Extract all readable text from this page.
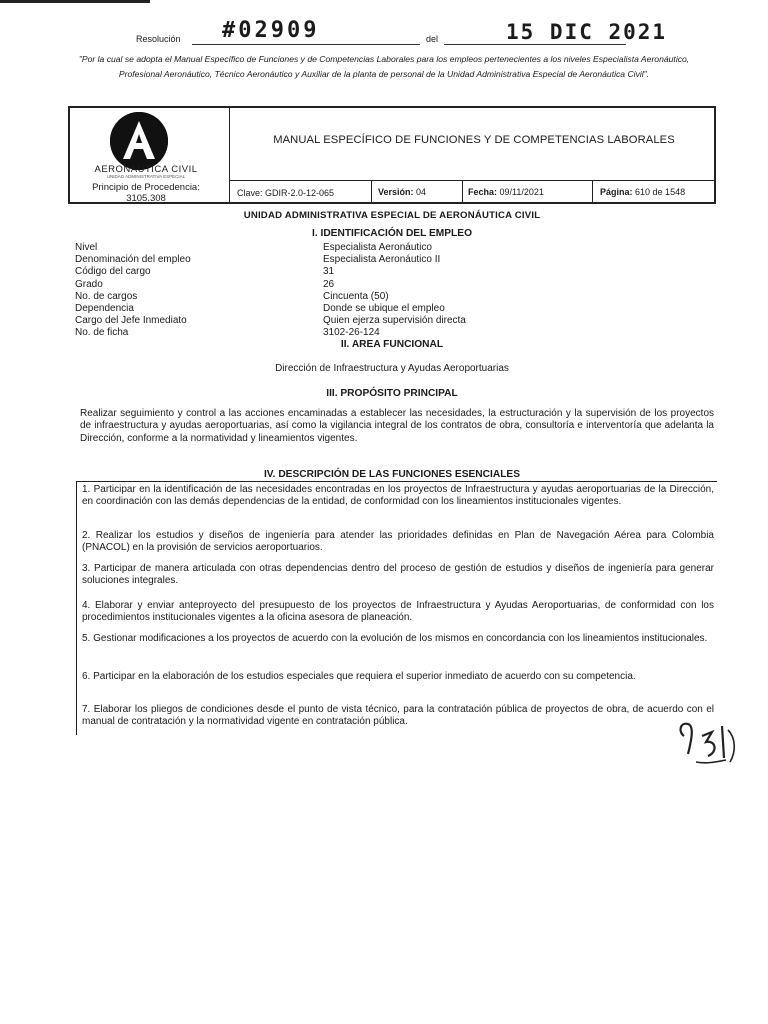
Resolución #02909	del	15 DIC 2021
"Por la cual se adopta el Manual Específico de Funciones y de Competencias Laborales para los empleos pertenecientes a los niveles Especialista Aeronáutico, Profesional Aeronáutico, Técnico Aeronáutico y Auxiliar de la planta de personal de la Unidad Administrativa Especial de Aeronáutica Civil".
AERONÁUTICA CIVIL
UNIDAD ADMINISTRATIVA ESPECIAL
Principio de Procedencia:
3105.308
MANUAL ESPECÍFICO DE FUNCIONES Y DE COMPETENCIAS LABORALES
Clave: GDIR-2.0-12-065	Versión: 04	Fecha: 09/11/2021	Página: 610 de 1548
UNIDAD ADMINISTRATIVA ESPECIAL DE AERONÁUTICA CIVIL
I. IDENTIFICACIÓN DEL EMPLEO
Nivel	Especialista Aeronáutico
Denominación del empleo	Especialista Aeronáutico II
Código del cargo	31
Grado	26
No. de cargos	Cincuenta (50)
Dependencia	Donde se ubique el empleo
Cargo del Jefe Inmediato	Quien ejerza supervisión directa
No. de ficha	3102-26-124
II. AREA FUNCIONAL
Dirección de Infraestructura y Ayudas Aeroportuarias
III. PROPÓSITO PRINCIPAL
Realizar seguimiento y control a las acciones encaminadas a establecer las necesidades, la estructuración y la supervisión de los proyectos de infraestructura y ayudas aeroportuarias, así como la vigilancia integral de los contratos de obra, consultoría e interventoría que adelanta la Dirección, conforme a la normatividad y lineamientos vigentes.
IV. DESCRIPCIÓN DE LAS FUNCIONES ESENCIALES
1. Participar en la identificación de las necesidades encontradas en los proyectos de Infraestructura y ayudas aeroportuarias de la Dirección, en coordinación con las demás dependencias de la entidad, de conformidad con los lineamientos institucionales vigentes.
2. Realizar los estudios y diseños de ingeniería para atender las prioridades definidas en Plan de Navegación Aérea para Colombia (PNACOL) en la provisión de servicios aeroportuarios.
3. Participar de manera articulada con otras dependencias dentro del proceso de gestión de estudios y diseños de ingeniería para generar soluciones integrales.
4. Elaborar y enviar anteproyecto del presupuesto de los proyectos de Infraestructura y Ayudas Aeroportuarias, de conformidad con los procedimientos institucionales vigentes a la oficina asesora de planeación.
5. Gestionar modificaciones a los proyectos de acuerdo con la evolución de los mismos en concordancia con los lineamientos institucionales.
6. Participar en la elaboración de los estudios especiales que requiera el superior inmediato de acuerdo con su competencia.
7. Elaborar los pliegos de condiciones desde el punto de vista técnico, para la contratación pública de proyectos de obra, de acuerdo con el manual de contratación y la normatividad vigente en contratación pública.
